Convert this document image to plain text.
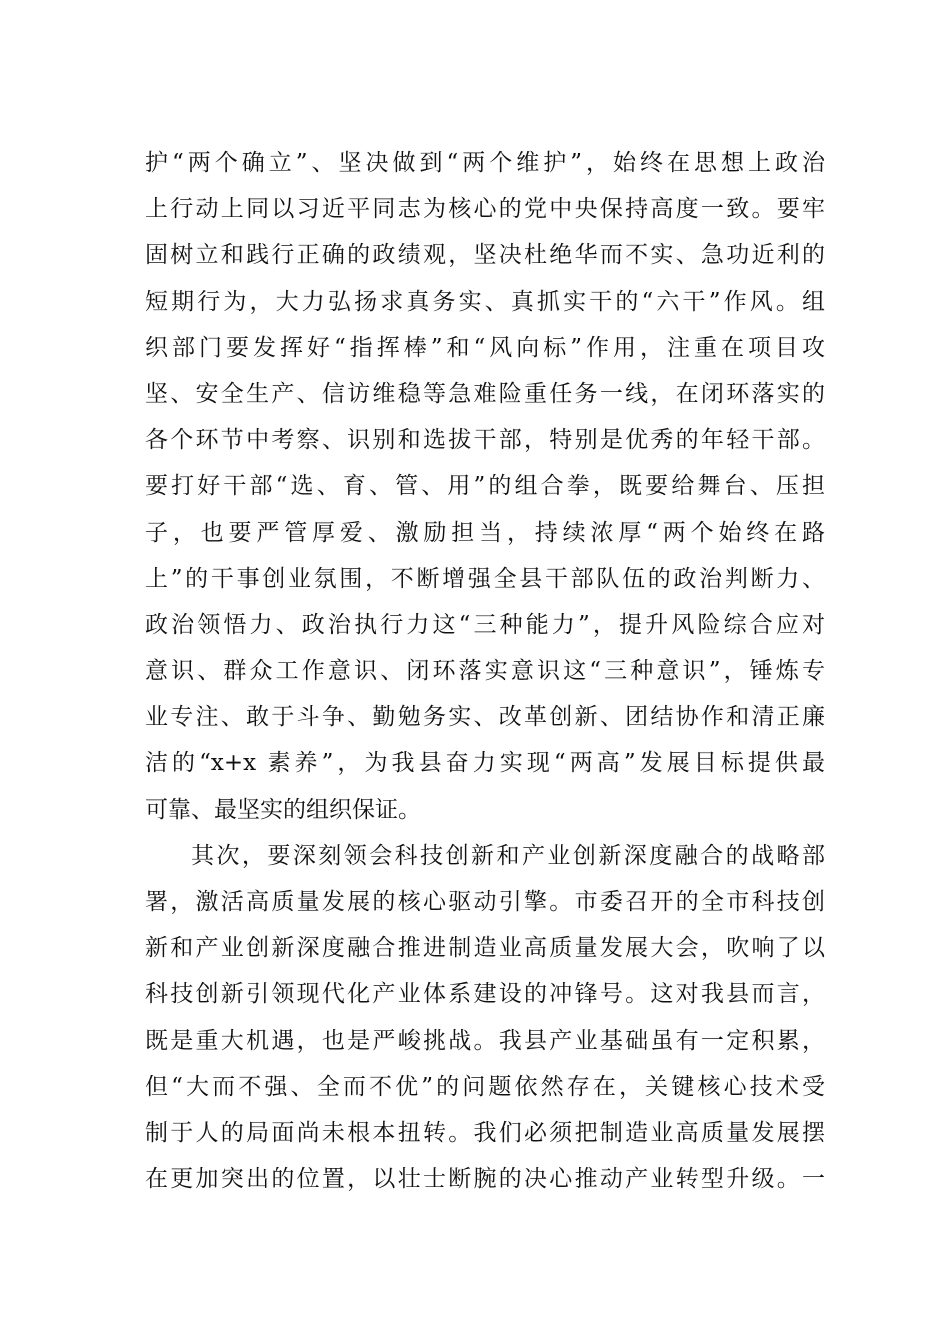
护“两个确立”、坚决做到“两个维护”，始终在思想上政治
上行动上同以习近平同志为核心的党中央保持高度一致。要牢
固树立和践行正确的政绩观，坚决杜绝华而不实、急功近利的
短期行为，大力弘扬求真务实、真抓实干的“六干”作风。组
织部门要发挥好“指挥棒”和“风向标”作用，注重在项目攻
坚、安全生产、信访维稳等急难险重任务一线，在闭环落实的
各个环节中考察、识别和选拔干部，特别是优秀的年轻干部。
要打好干部“选、育、管、用”的组合拳，既要给舞台、压担
子，也要严管厚爱、激励担当，持续浓厚“两个始终在路
上”的干事创业氛围，不断增强全县干部队伍的政治判断力、
政治领悟力、政治执行力这“三种能力”，提升风险综合应对
意识、群众工作意识、闭环落实意识这“三种意识”，锤炼专
业专注、敢于斗争、勤勉务实、改革创新、团结协作和清正廉
洁的“x+x 素养”，为我县奋力实现“两高”发展目标提供最
可靠、最坚实的组织保证。
其次，要深刻领会科技创新和产业创新深度融合的战略部
署，激活高质量发展的核心驱动引擎。市委召开的全市科技创
新和产业创新深度融合推进制造业高质量发展大会，吹响了以
科技创新引领现代化产业体系建设的冲锋号。这对我县而言，
既是重大机遇，也是严峻挑战。我县产业基础虽有一定积累，
但“大而不强、全而不优”的问题依然存在，关键核心技术受
制于人的局面尚未根本扭转。我们必须把制造业高质量发展摆
在更加突出的位置，以壮士断腕的决心推动产业转型升级。一
